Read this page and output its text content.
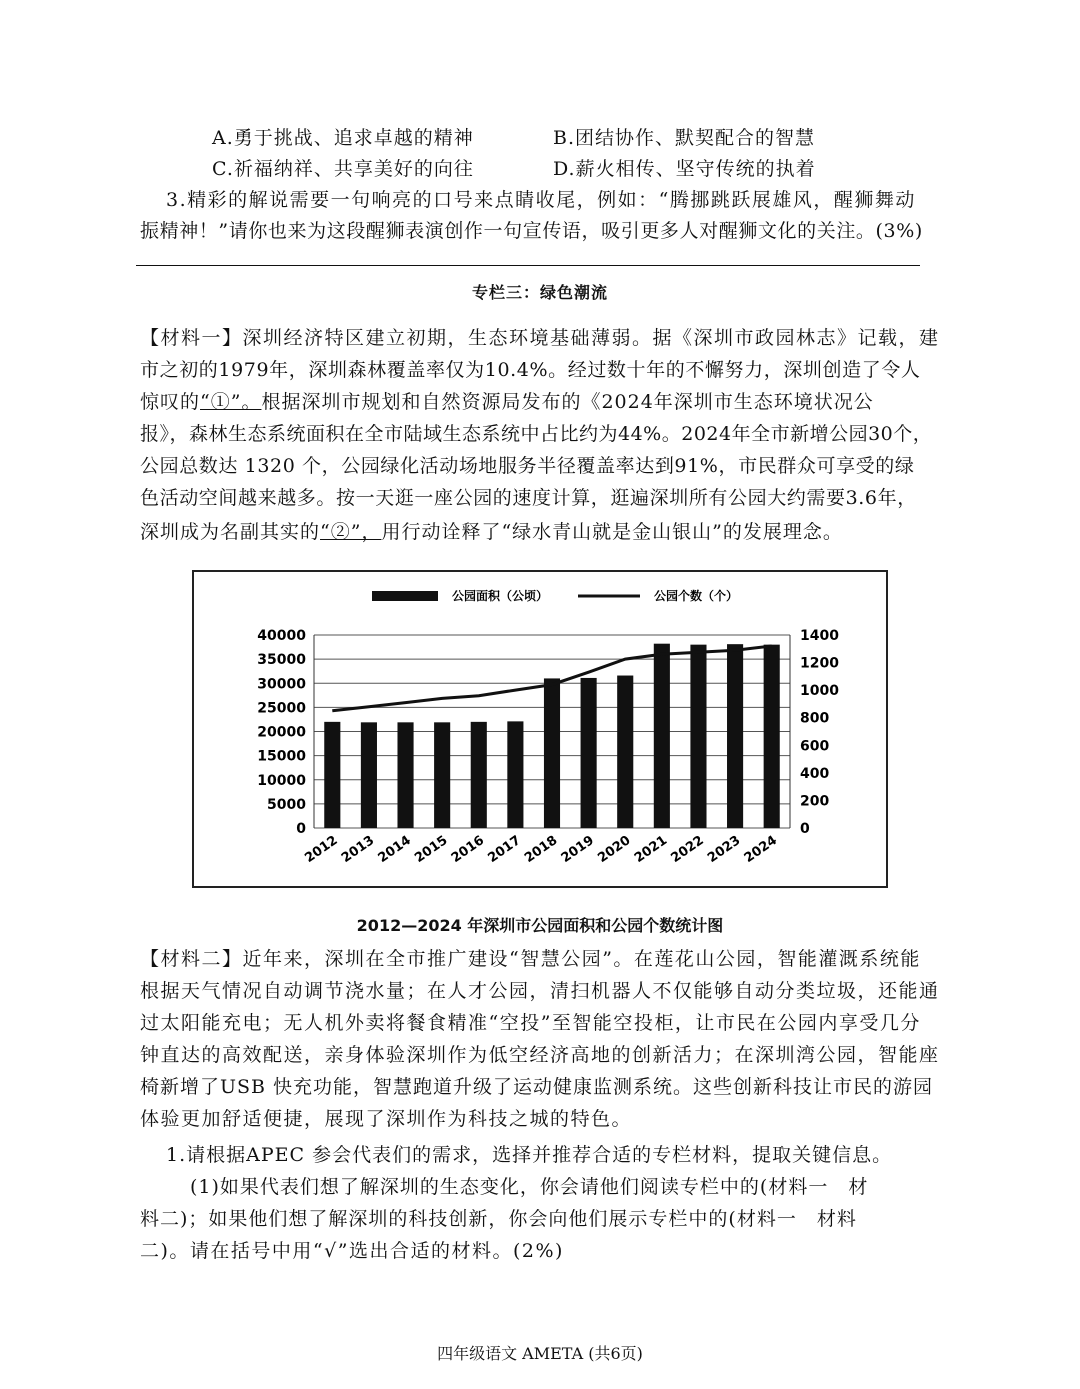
A.勇于挑战、追求卓越的精神	B.团结协作、默契配合的智慧
C.祈福纳祥、共享美好的向往	D.薪火相传、坚守传统的执着
3.精彩的解说需要一句响亮的口号来点睛收尾，例如：“腾挪跳跃展雄风，醒狮舞动
振精神！”请你也来为这段醒狮表演创作一句宣传语，吸引更多人对醒狮文化的关注。(3%)
专栏三：绿色潮流
【材料一】深圳经济特区建立初期，生态环境基础薄弱。据《深圳市政园林志》记载，建
市之初的1979年，深圳森林覆盖率仅为10.4%。经过数十年的不懈努力，深圳创造了令人
惊叹的“①”。根据深圳市规划和自然资源局发布的《2024年深圳市生态环境状况公
报》，森林生态系统面积在全市陆域生态系统中占比约为44%。2024年全市新增公园30个，
公园总数达 1320 个，公园绿化活动场地服务半径覆盖率达到91%，市民群众可享受的绿
色活动空间越来越多。按一天逛一座公园的速度计算，逛遍深圳所有公园大约需要3.6年，
深圳成为名副其实的“②”，用行动诠释了“绿水青山就是金山银山”的发展理念。
公园面积（公顷）	公园个数（个）
40000
35000
30000
25000
20000
15000
10000
5000
0
1400
1200
1000
800
600
400
200
0
2012
2013
2014
2015
2016
2017
2018
2019
2020
2021
2022
2023
2024
2012—2024 年深圳市公园面积和公园个数统计图
【材料二】近年来，深圳在全市推广建设“智慧公园”。在莲花山公园，智能灌溉系统能
根据天气情况自动调节浇水量；在人才公园，清扫机器人不仅能够自动分类垃圾，还能通
过太阳能充电；无人机外卖将餐食精准“空投”至智能空投柜，让市民在公园内享受几分
钟直达的高效配送，亲身体验深圳作为低空经济高地的创新活力；在深圳湾公园，智能座
椅新增了USB 快充功能，智慧跑道升级了运动健康监测系统。这些创新科技让市民的游园
体验更加舒适便捷，展现了深圳作为科技之城的特色。
1.请根据APEC 参会代表们的需求，选择并推荐合适的专栏材料，提取关键信息。
(1)如果代表们想了解深圳的生态变化，你会请他们阅读专栏中的(材料一　材
料二)；如果他们想了解深圳的科技创新，你会向他们展示专栏中的(材料一　材料
二)。请在括号中用“√”选出合适的材料。(2%)
四年级语文 AMETA (共6页)
